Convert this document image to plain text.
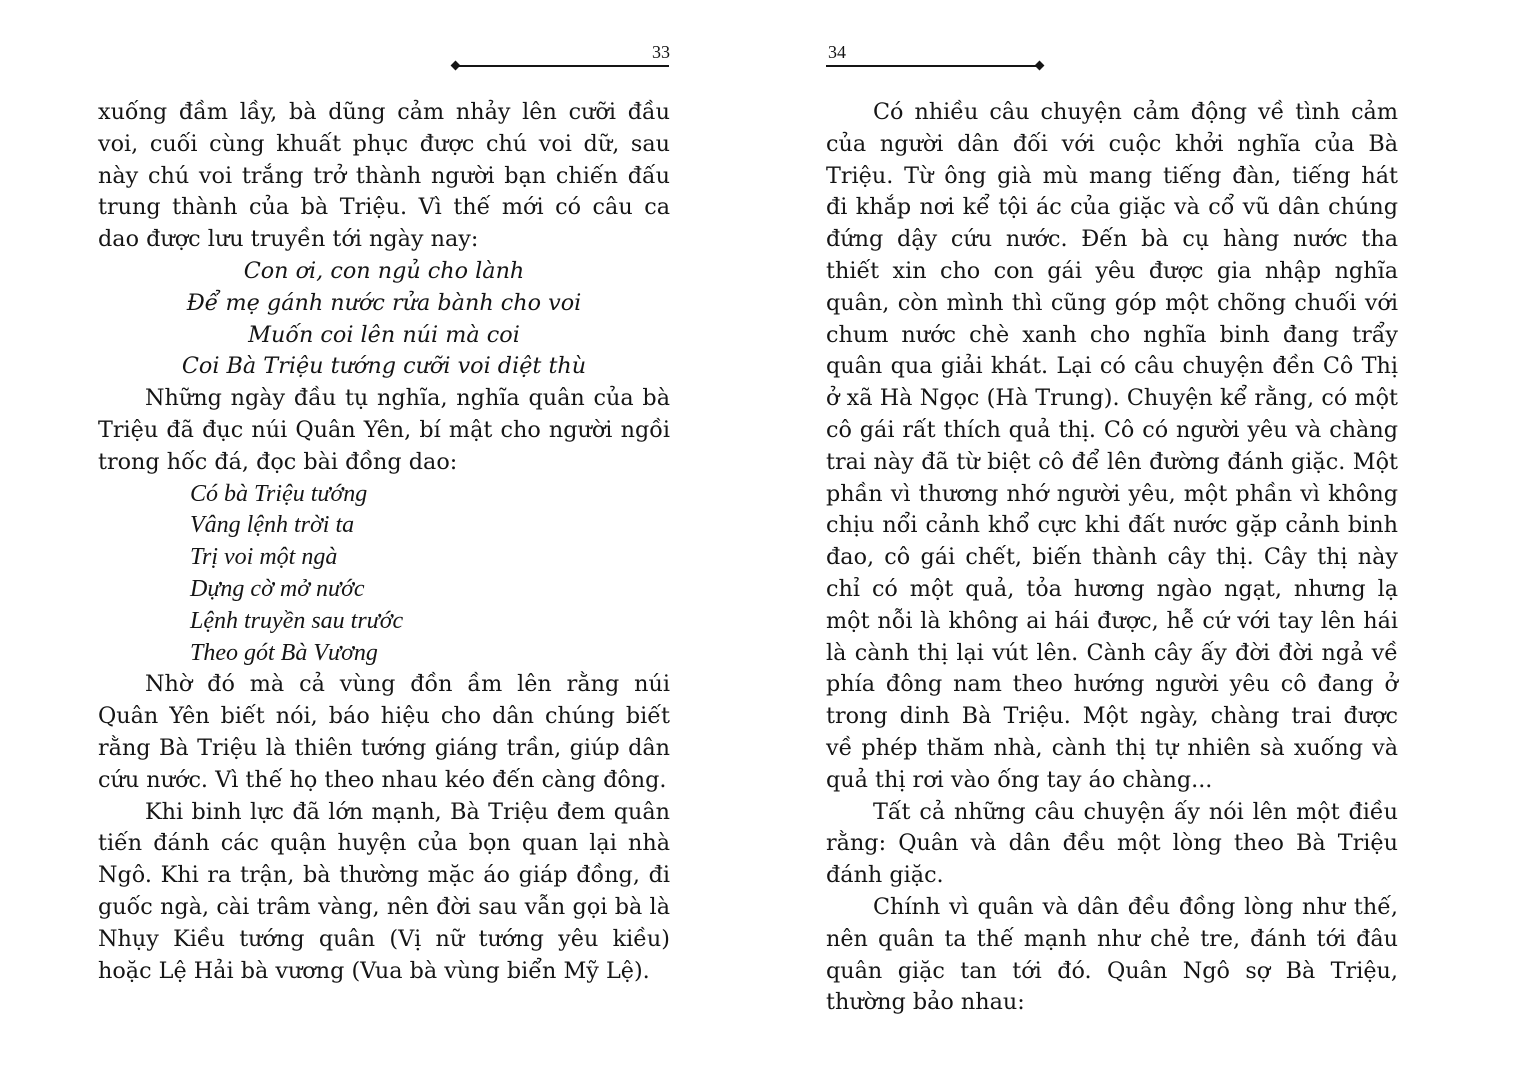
33
xuống đầm lầy, bà dũng cảm nhảy lên cưỡi đầu
voi, cuối cùng khuất phục được chú voi dữ, sau
này chú voi trắng trở thành người bạn chiến đấu
trung thành của bà Triệu. Vì thế mới có câu ca
dao được lưu truyền tới ngày nay:
Con ơi, con ngủ cho lành
Để mẹ gánh nước rửa bành cho voi
Muốn coi lên núi mà coi
Coi Bà Triệu tướng cưỡi voi diệt thù
Những ngày đầu tụ nghĩa, nghĩa quân của bà
Triệu đã đục núi Quân Yên, bí mật cho người ngồi
trong hốc đá, đọc bài đồng dao:
Có bà Triệu tướng
Vâng lệnh trời ta
Trị voi một ngà
Dựng cờ mở nước
Lệnh truyền sau trước
Theo gót Bà Vương
Nhờ đó mà cả vùng đồn ầm lên rằng núi
Quân Yên biết nói, báo hiệu cho dân chúng biết
rằng Bà Triệu là thiên tướng giáng trần, giúp dân
cứu nước. Vì thế họ theo nhau kéo đến càng đông.
Khi binh lực đã lớn mạnh, Bà Triệu đem quân
tiến đánh các quận huyện của bọn quan lại nhà
Ngô. Khi ra trận, bà thường mặc áo giáp đồng, đi
guốc ngà, cài trâm vàng, nên đời sau vẫn gọi bà là
Nhụy Kiều tướng quân (Vị nữ tướng yêu kiều)
hoặc Lệ Hải bà vương (Vua bà vùng biển Mỹ Lệ).
34
Có nhiều câu chuyện cảm động về tình cảm
của người dân đối với cuộc khởi nghĩa của Bà
Triệu. Từ ông già mù mang tiếng đàn, tiếng hát
đi khắp nơi kể tội ác của giặc và cổ vũ dân chúng
đứng dậy cứu nước. Đến bà cụ hàng nước tha
thiết xin cho con gái yêu được gia nhập nghĩa
quân, còn mình thì cũng góp một chõng chuối với
chum nước chè xanh cho nghĩa binh đang trẩy
quân qua giải khát. Lại có câu chuyện đền Cô Thị
ở xã Hà Ngọc (Hà Trung). Chuyện kể rằng, có một
cô gái rất thích quả thị. Cô có người yêu và chàng
trai này đã từ biệt cô để lên đường đánh giặc. Một
phần vì thương nhớ người yêu, một phần vì không
chịu nổi cảnh khổ cực khi đất nước gặp cảnh binh
đao, cô gái chết, biến thành cây thị. Cây thị này
chỉ có một quả, tỏa hương ngào ngạt, nhưng lạ
một nỗi là không ai hái được, hễ cứ với tay lên hái
là cành thị lại vút lên. Cành cây ấy đời đời ngả về
phía đông nam theo hướng người yêu cô đang ở
trong dinh Bà Triệu. Một ngày, chàng trai được
về phép thăm nhà, cành thị tự nhiên sà xuống và
quả thị rơi vào ống tay áo chàng...
Tất cả những câu chuyện ấy nói lên một điều
rằng: Quân và dân đều một lòng theo Bà Triệu
đánh giặc.
Chính vì quân và dân đều đồng lòng như thế,
nên quân ta thế mạnh như chẻ tre, đánh tới đâu
quân giặc tan tới đó. Quân Ngô sợ Bà Triệu,
thường bảo nhau:
